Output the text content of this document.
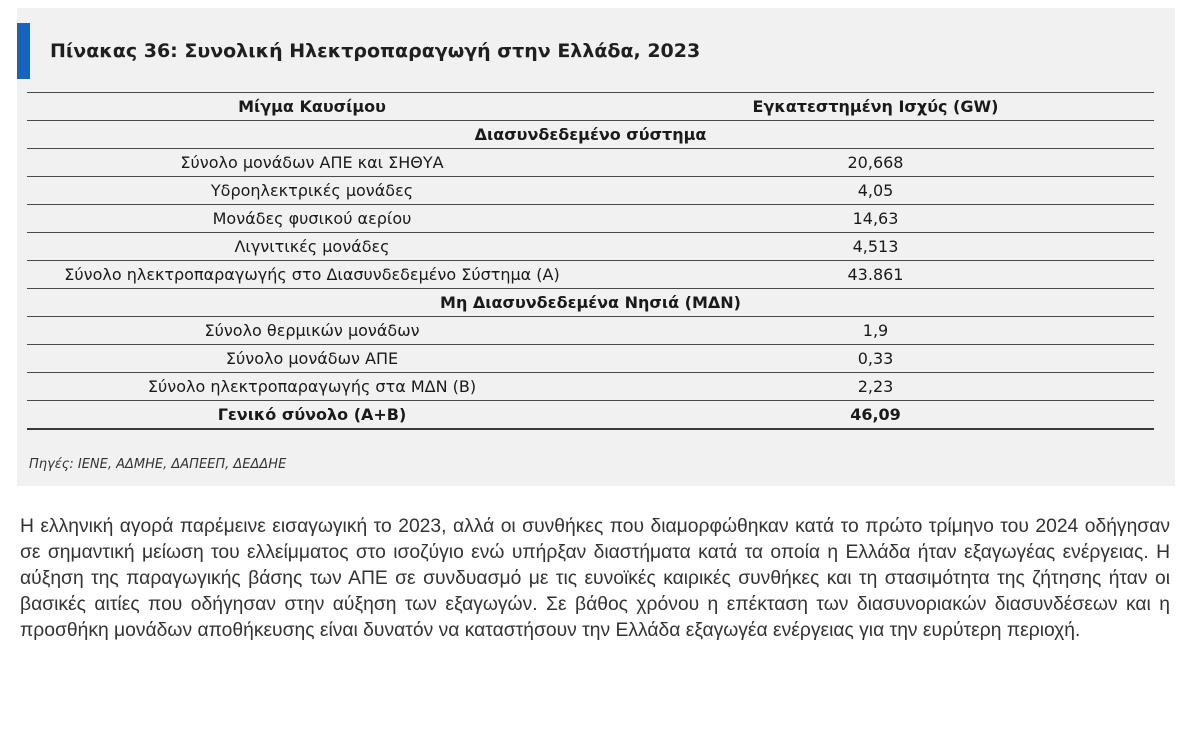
Πίνακας 36: Συνολική Ηλεκτροπαραγωγή στην Ελλάδα, 2023
Μίγμα Καυσίμου	Εγκατεστημένη Ισχύς (GW)
Διασυνδεδεμένο σύστημα	
Σύνολο μονάδων ΑΠΕ και ΣΗΘΥΑ	20,668
Υδροηλεκτρικές μονάδες	4,05
Μονάδες φυσικού αερίου	14,63
Λιγνιτικές μονάδες	4,513
Σύνολο ηλεκτροπαραγωγής στο Διασυνδεδεμένο Σύστημα (Α)	43.861
Μη Διασυνδεδεμένα Νησιά (ΜΔΝ)	
Σύνολο θερμικών μονάδων	1,9
Σύνολο μονάδων ΑΠΕ	0,33
Σύνολο ηλεκτροπαραγωγής στα ΜΔΝ (Β)	2,23
Γενικό σύνολο (Α+Β)	46,09
Πηγές: ΙΕΝΕ, ΑΔΜΗΕ, ΔΑΠΕΕΠ, ΔΕΔΔΗΕ

Η ελληνική αγορά παρέμεινε εισαγωγική το 2023, αλλά οι συνθήκες που διαμορφώθηκαν κατά το πρώτο τρίμηνο του 2024 οδήγησαν σε σημαντική μείωση του ελλείμματος στο ισοζύγιο ενώ υπήρξαν διαστήματα κατά τα οποία η Ελλάδα ήταν εξαγωγέας ενέργειας. Η αύξηση της παραγωγικής βάσης των ΑΠΕ σε συνδυασμό με τις ευνοϊκές καιρικές συνθήκες και τη στασιμότητα της ζήτησης ήταν οι βασικές αιτίες που οδήγησαν στην αύξηση των εξαγωγών. Σε βάθος χρόνου η επέκταση των διασυνοριακών διασυνδέσεων και η προσθήκη μονάδων αποθήκευσης είναι δυνατόν να καταστήσουν την Ελλάδα εξαγωγέα ενέργειας για την ευρύτερη περιοχή.
